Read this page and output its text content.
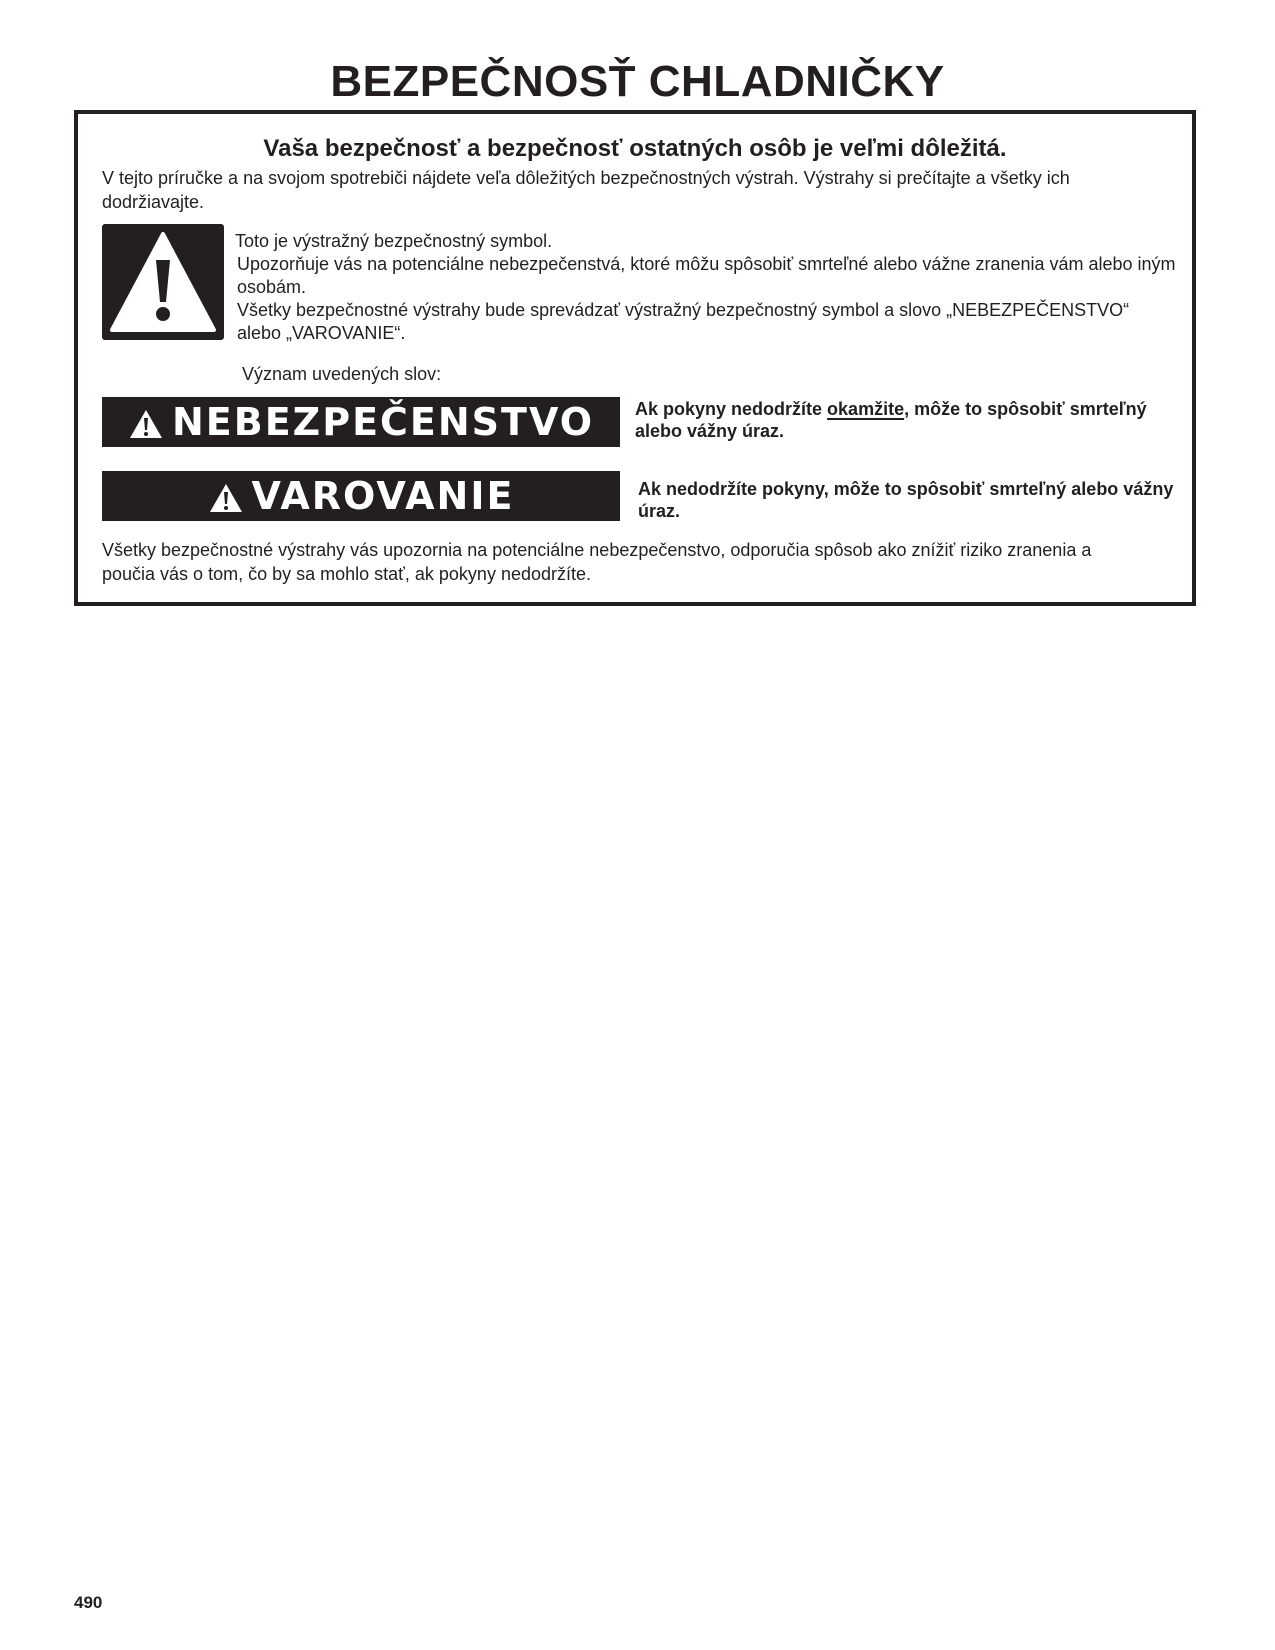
BEZPEČNOSŤ CHLADNIČKY
Vaša bezpečnosť a bezpečnosť ostatných osôb je veľmi dôležitá.

V tejto príručke a na svojom spotrebiči nájdete veľa dôležitých bezpečnostných výstrah. Výstrahy si prečítajte a všetky ich dodržiavajte.

Toto je výstražný bezpečnostný symbol.
Upozorňuje vás na potenciálne nebezpečenstvá, ktoré môžu spôsobiť smrteľné alebo vážne zranenia vám alebo iným osobám.
Všetky bezpečnostné výstrahy bude sprevádzať výstražný bezpečnostný symbol a slovo „NEBEZPEČENSTVO“ alebo „VAROVANIE“.

Význam uvedených slov:

NEBEZPEČENSTVO Ak pokyny nedodržíte okamžite, môže to spôsobiť smrteľný alebo vážny úraz.

VAROVANIE	Ak nedodržíte pokyny, môže to spôsobiť smrteľný alebo vážny úraz.

Všetky bezpečnostné výstrahy vás upozornia na potenciálne nebezpečenstvo, odporučia spôsob ako znížiť riziko zranenia a poučia vás o tom, čo by sa mohlo stať, ak pokyny nedodržíte.

490
